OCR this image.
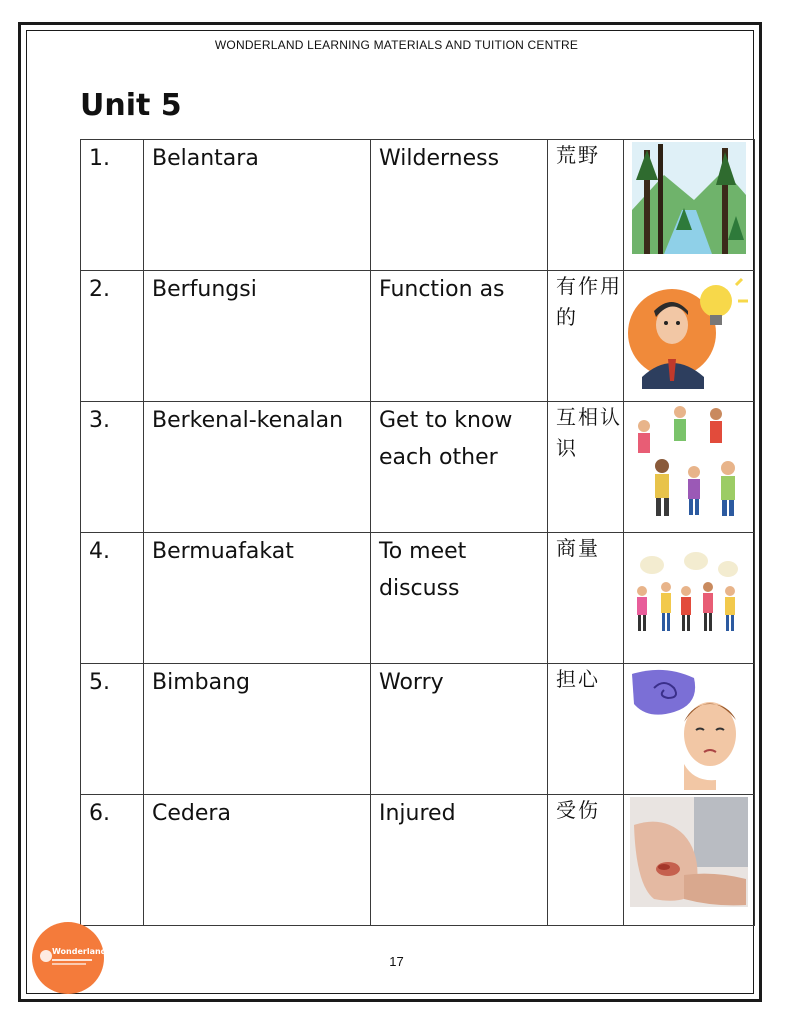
WONDERLAND LEARNING MATERIALS AND TUITION CENTRE
Unit 5
1.	Belantara	Wilderness	荒野	

2.	Berfungsi	Function as	有作用的	

3.	Berkenal-kenalan	Get to know each other	互相认识	

4.	Bermuafakat	To meet discuss	商量	

5.	Bimbang	Worry	担心	

6.	Cedera	Injured	受伤	
Wonderland
17
